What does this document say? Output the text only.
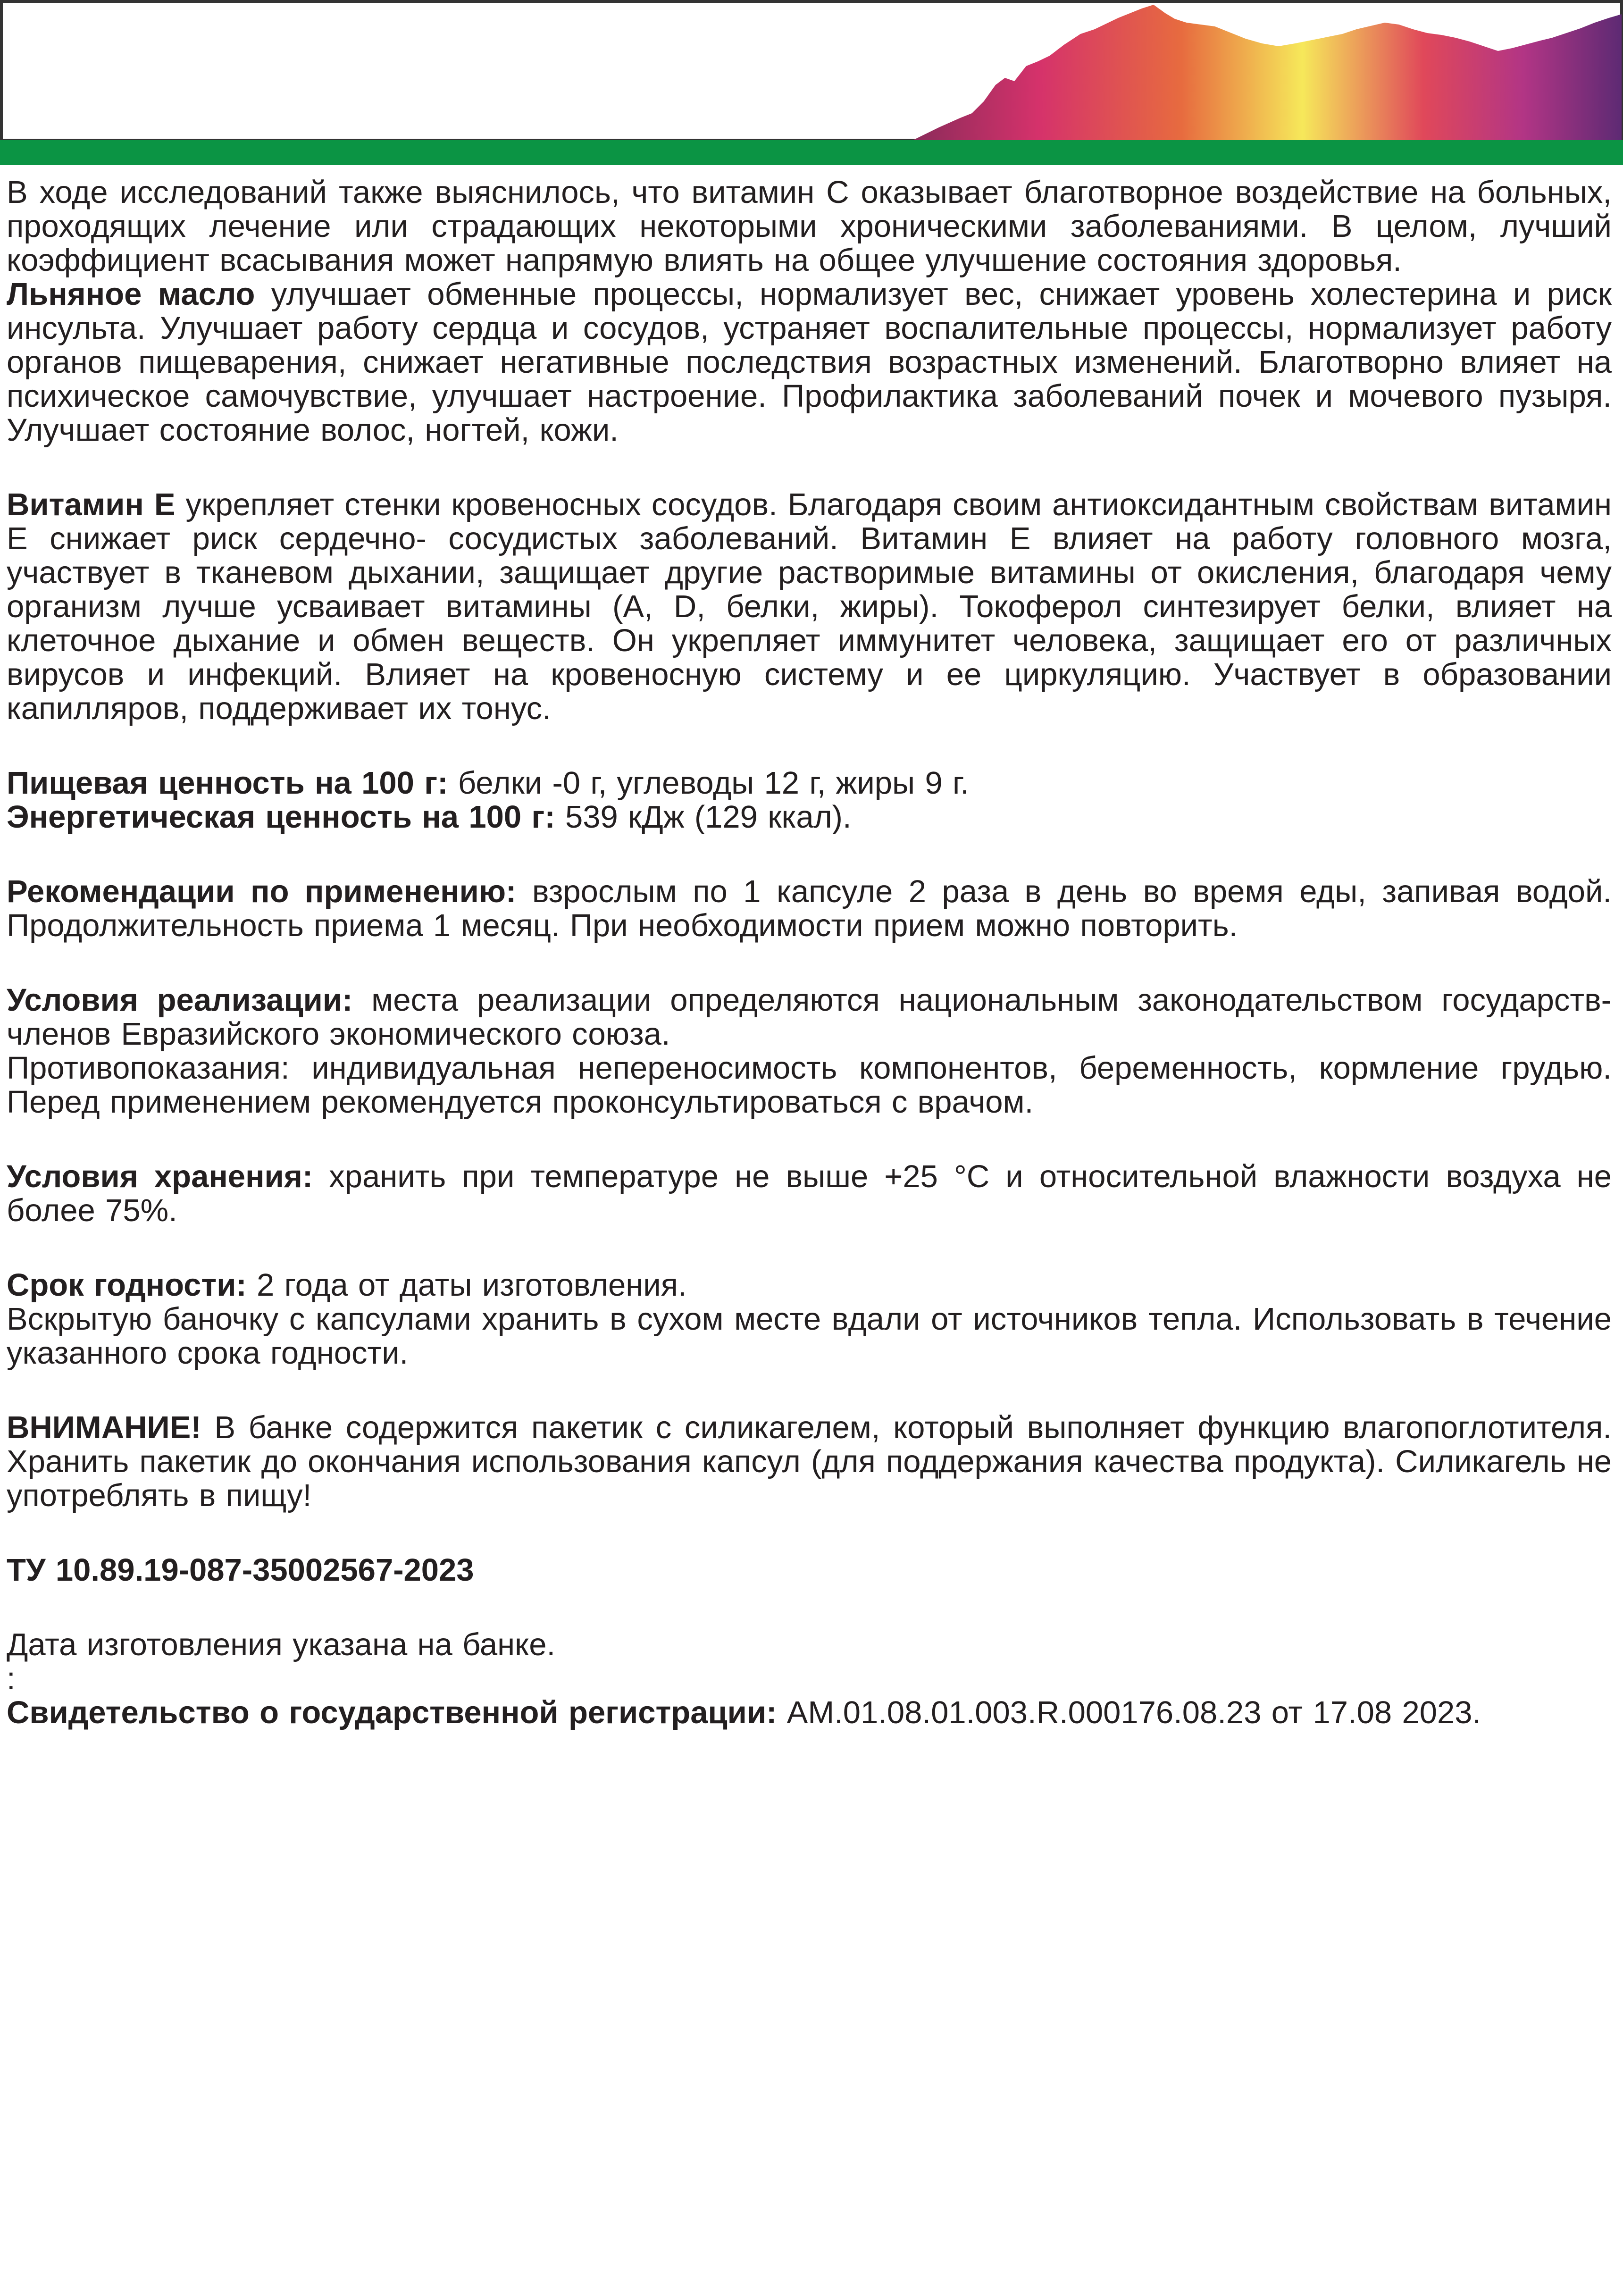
В ходе исследований также выяснилось, что витамин С оказывает благотворное воздействие на больных, проходящих лечение или страдающих некоторыми хроническими заболеваниями. В целом, лучший коэффициент всасывания может напрямую влиять на общее улучшение состояния здоровья.

Льняное масло улучшает обменные процессы, нормализует вес, снижает уровень холестерина и риск инсульта. Улучшает работу сердца и сосудов, устраняет воспалительные процессы, нормализует работу органов пищеварения, снижает негативные последствия возрастных изменений. Благотворно влияет на психическое самочувствие, улучшает настроение. Профилактика заболеваний почек и мочевого пузыря. Улучшает состояние волос, ногтей, кожи.

Витамин Е укрепляет стенки кровеносных сосудов. Благодаря своим антиоксидантным свойствам витамин Е снижает риск сердечно- сосудистых заболеваний. Витамин Е влияет на работу головного мозга, участвует в тканевом дыхании, защищает другие растворимые витамины от окисления, благодаря чему организм лучше усваивает витамины (А, D, белки, жиры). Токоферол синтезирует белки, влияет на клеточное дыхание и обмен веществ. Он укрепляет иммунитет человека, защищает его от различных вирусов и инфекций. Влияет на кровеносную систему и ее циркуляцию. Участвует в образовании капилляров, поддерживает их тонус.

Пищевая ценность на 100 г: белки -0 г, углеводы 12 г, жиры 9 г.

Энергетическая ценность на 100 г: 539 кДж (129 ккал).

Рекомендации по применению: взрослым по 1 капсуле 2 раза в день во время еды, запивая водой. Продолжительность приема 1 месяц. При необходимости прием можно повторить.

Условия реализации: места реализации определяются национальным законодательством государств-членов Евразийского экономического союза.

Противопоказания: индивидуальная непереносимость компонентов, беременность, кормление грудью. Перед применением рекомендуется проконсультироваться с врачом.

Условия хранения: хранить при температуре не выше +25 °С и относительной влажности воздуха не более 75%.

Срок годности: 2 года от даты изготовления.

Вскрытую баночку с капсулами хранить в сухом месте вдали от источников тепла. Использовать в течение указанного срока годности.

ВНИМАНИЕ! В банке содержится пакетик с силикагелем, который выполняет функцию влагопоглотителя. Хранить пакетик до окончания использования капсул (для поддержания качества продукта). Силикагель не употреблять в пищу!

ТУ 10.89.19-087-35002567-2023

Дата изготовления указана на банке.

:

Свидетельство о государственной регистрации: AM.01.08.01.003.R.000176.08.23 от 17.08 2023.
